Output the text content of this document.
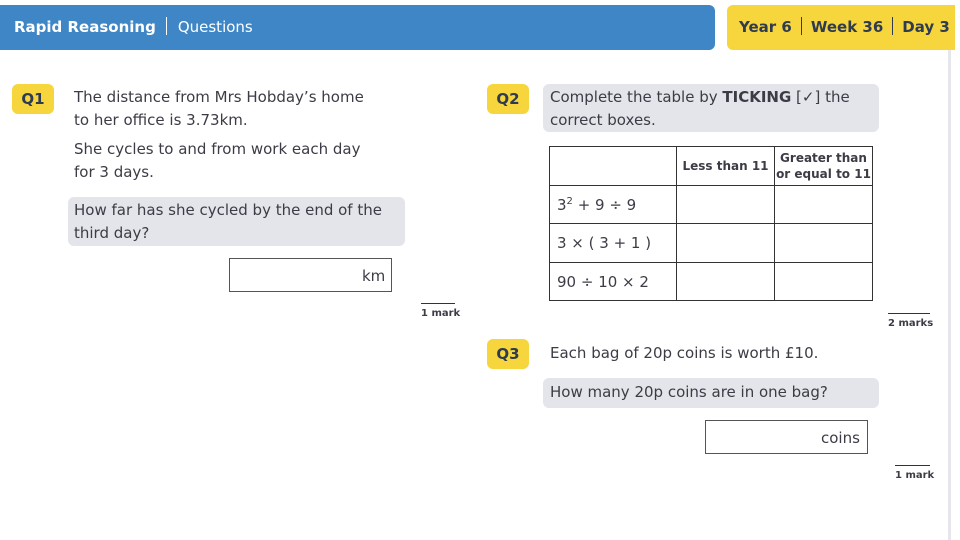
Rapid Reasoning Questions	Year 6 Week 36 Day 3
Q1	The distance from Mrs Hobday’s home
to her office is 3.73km.
She cycles to and from work each day
for 3 days.
How far has she cycled by the end of the
third day?
km
1 mark
Q2	Complete the table by TICKING [✓] the
correct boxes.
	Less than 11	Greater than
or equal to 11

$3^2 + 9 \div 9$		
3 × ( 3 + 1 )		
90 ÷ 10 × 2		
2 marks
Q3	Each bag of 20p coins is worth £10.
How many 20p coins are in one bag?
coins
1 mark
